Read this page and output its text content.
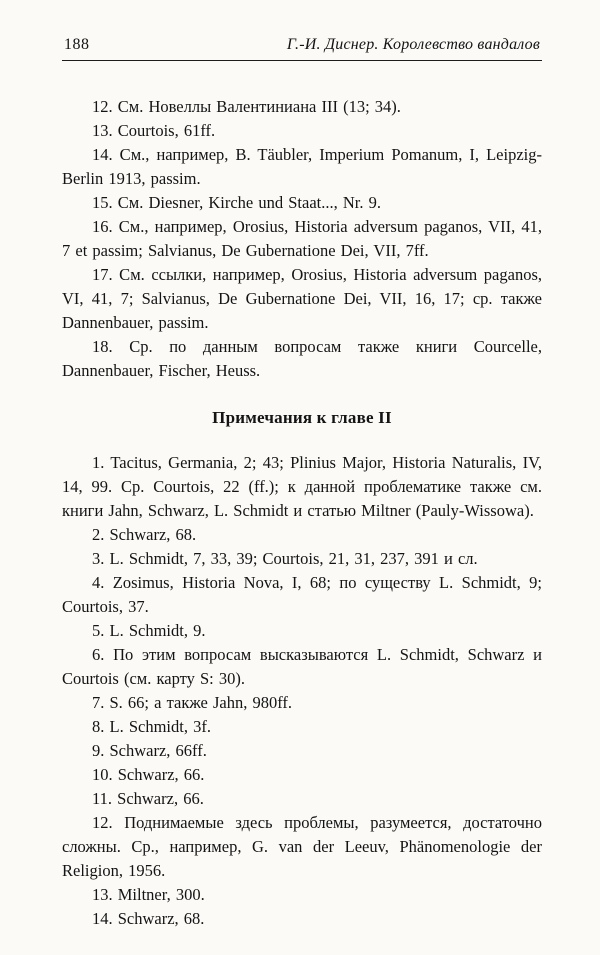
188	Г.-И. Диснер. Королевство вандалов

12. См. Новеллы Валентиниана III (13; 34).

13. Courtois, 61ff.

14. См., например, B. Täubler, Imperium Pomanum, I, Leipzig-Berlin 1913, passim.

15. См. Diesner, Kirche und Staat..., Nr. 9.

16. См., например, Orosius, Historia adversum paganos, VII, 41, 7 et passim; Salvianus, De Gubernatione Dei, VII, 7ff.

17. См. ссылки, например, Orosius, Historia adversum paganos, VI, 41, 7; Salvianus, De Gubernatione Dei, VII, 16, 17; ср. также Dannenbauer, passim.

18. Ср. по данным вопросам также книги Courcelle, Dannenbauer, Fischer, Heuss.

Примечания к главе II

1. Tacitus, Germania, 2; 43; Plinius Major, Historia Naturalis, IV, 14, 99. Ср. Courtois, 22 (ff.); к данной проблематике также см. книги Jahn, Schwarz, L. Schmidt и статью Miltner (Pauly-Wissowa).

2. Schwarz, 68.

3. L. Schmidt, 7, 33, 39; Courtois, 21, 31, 237, 391 и сл.

4. Zosimus, Historia Nova, I, 68; по существу L. Schmidt, 9; Courtois, 37.

5. L. Schmidt, 9.

6. По этим вопросам высказываются L. Schmidt, Schwarz и Courtois (см. карту S: 30).

7. S. 66; а также Jahn, 980ff.

8. L. Schmidt, 3f.

9. Schwarz, 66ff.

10. Schwarz, 66.

11. Schwarz, 66.

12. Поднимаемые здесь проблемы, разумеется, достаточно сложны. Ср., например, G. van der Leeuv, Phänomenologie der Religion, 1956.

13. Miltner, 300.

14. Schwarz, 68.
